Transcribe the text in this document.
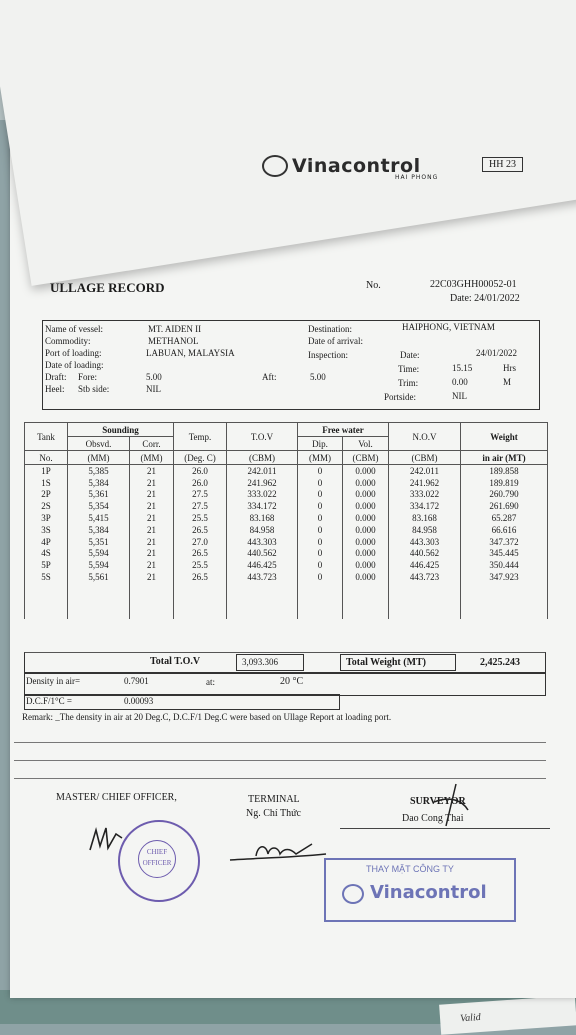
Valid
Vinacontrol
HAI PHONG
HH 23
ULLAGE RECORD	No.	22C03GHH00052-01
Date: 24/01/2022
Name of vessel:	MT. AIDEN II
Commodity:	METHANOL
Port of loading:	LABUAN, MALAYSIA
Date of loading:
Draft: Fore:	5.00	Aft:	5.00
Heel: Stb side:	NIL
Destination:	HAIPHONG, VIETNAM
Date of arrival:
Inspection:	Date:	24/01/2022
Time:	15.15	Hrs
Trim:	0.00	M
Portside:	NIL
Tank	Sounding		Temp.	T.O.V	Free water		N.O.V	Weight
	Obsvd.	Corr.			Dip.	Vol.		
No.	(MM)	(MM)	(Deg. C)	(CBM)	(MM)	(CBM)	(CBM)	in air (MT)
1P	5,385	21	26.0	242.011	0	0.000	242.011	189.858
1S	5,384	21	26.0	241.962	0	0.000	241.962	189.819
2P	5,361	21	27.5	333.022	0	0.000	333.022	260.790
2S	5,354	21	27.5	334.172	0	0.000	334.172	261.690
3P	5,415	21	25.5	83.168	0	0.000	83.168	65.287
3S	5,384	21	26.5	84.958	0	0.000	84.958	66.616
4P	5,351	21	27.0	443.303	0	0.000	443.303	347.372
4S	5,594	21	26.5	440.562	0	0.000	440.562	345.445
5P	5,594	21	25.5	446.425	0	0.000	446.425	350.444
5S	5,561	21	26.5	443.723	0	0.000	443.723	347.923

Total T.O.V	3,093.306	Total Weight (MT)	2,425.243
Density in air=	0.7901	at:	20 °C
D.C.F/1°C =	0.00093
Remark: _The density in air at 20 Deg.C, D.C.F/1 Deg.C were based on Ullage Report at loading port.
MASTER/ CHIEF OFFICER,	TERMINAL
Ng. Chí Thức
SURVEYOR
Dao Cong Thai
CHIEF OFFICER
THAY MẶT CÔNG TY
Vinacontrol
